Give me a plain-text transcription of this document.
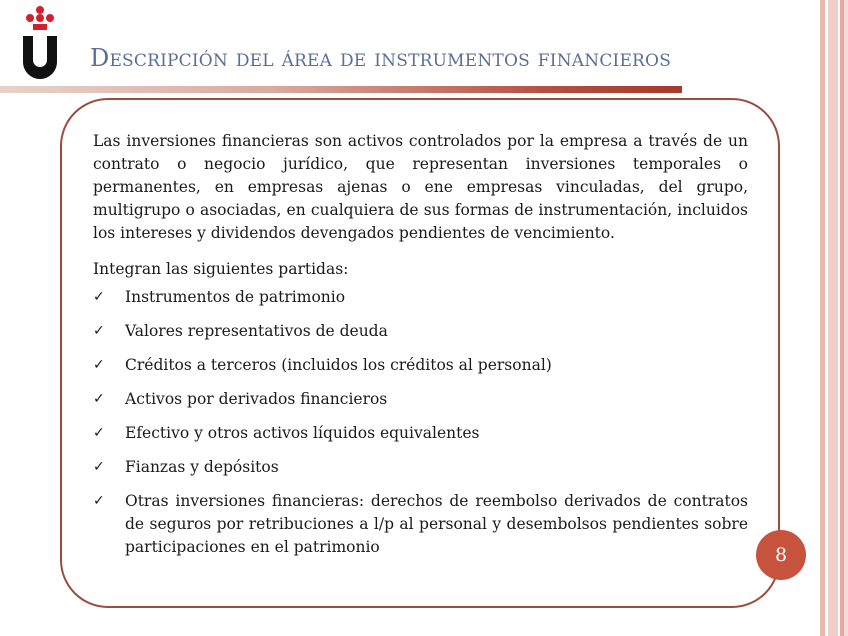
Descripción del área de instrumentos financieros

Las inversiones financieras son activos controlados por la empresa a través de un contrato o negocio jurídico, que representan inversiones temporales o permanentes, en empresas ajenas o ene empresas vinculadas, del grupo, multigrupo o asociadas, en cualquiera de sus formas de instrumentación, incluidos los intereses y dividendos devengados pendientes de vencimiento.

Integran las siguientes partidas:

✓	Instrumentos de patrimonio
✓	Valores representativos de deuda
✓	Créditos a terceros (incluidos los créditos al personal)
✓	Activos por derivados financieros
✓	Efectivo y otros activos líquidos equivalentes
✓	Fianzas y depósitos
✓	Otras inversiones financieras: derechos de reembolso derivados de contratos de seguros por retribuciones a l/p al personal y desembolsos pendientes sobre participaciones en el patrimonio	8
